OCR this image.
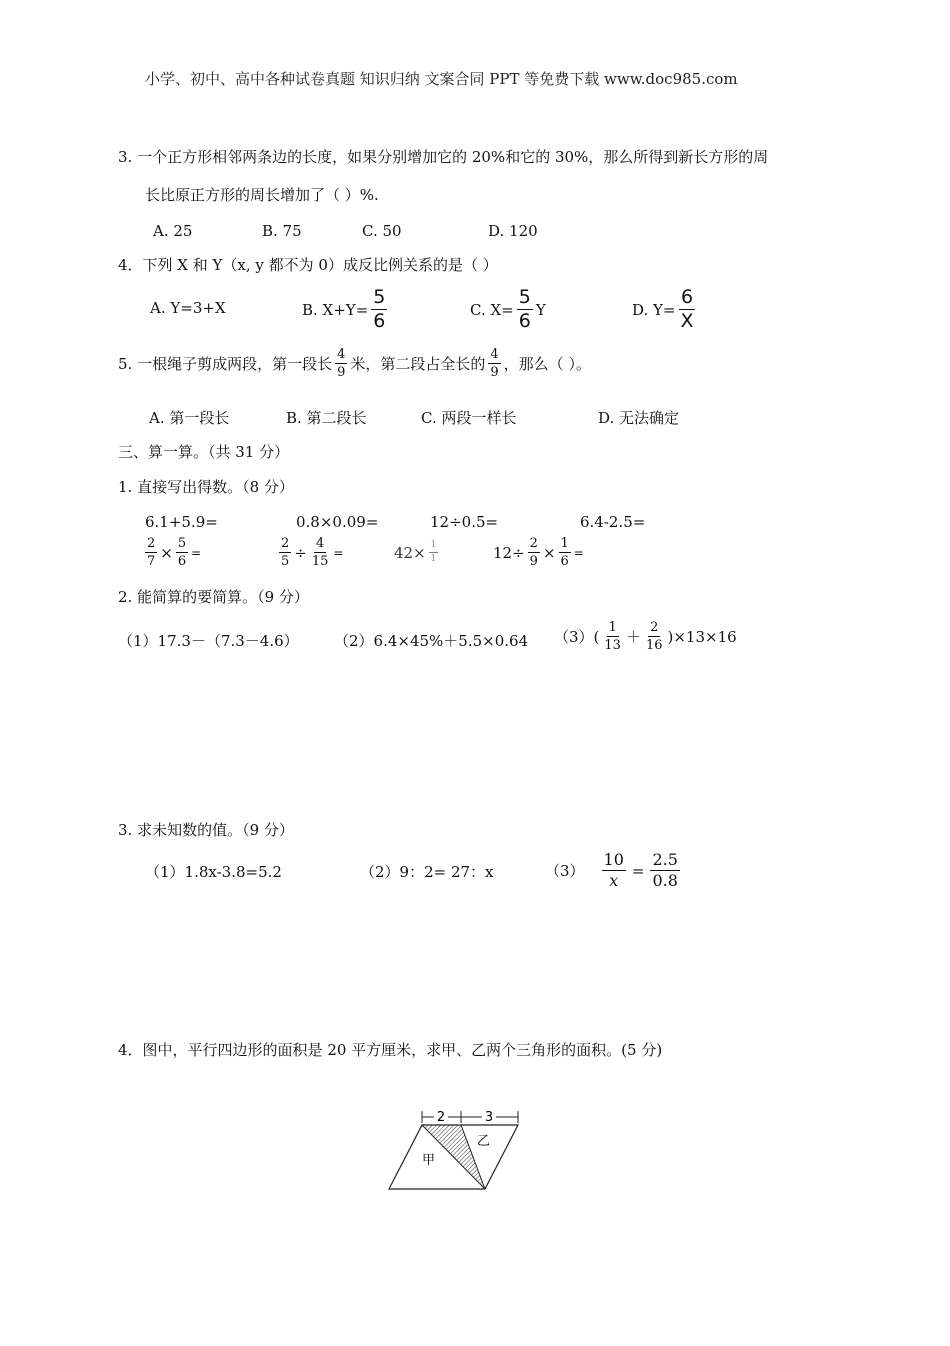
小学、初中、高中各种试卷真题 知识归纳 文案合同 PPT 等免费下载 www.doc985.com
3. 一个正方形相邻两条边的长度，如果分别增加它的 20%和它的 30%，那么所得到新长方形的周
长比原正方形的周长增加了（ ）%.
A. 25	B. 75	C. 50	D. 120
4．下列 X 和 Y（x, y 都不为 0）成反比例关系的是（ ）
A. Y=3+X	B. $X+Y= \frac{5}{6}$	C. $X= \frac{5}{6}$ Y	D. $Y= \frac{6}{X}$
5. 一根绳子剪成两段，第一段长 $\frac{4}{9}$ 米，第二段占全长的 $\frac{4}{9}$ ，那么（ ）。
A. 第一段长	B. 第二段长	C. 两段一样长	D. 无法确定
三、算一算。（共 31 分）
1. 直接写出得数。（8 分）
6.1+5.9=	0.8×0.09=	12÷0.5=	6.4-2.5=
$\frac{2}{7} \times \frac{5}{6}$ =	$\frac{2}{5} \div \frac{4}{15}$ =	$42\times \frac{1}{1}$	$12\div \frac{2}{9} \times \frac{1}{6}$ =
2. 能简算的要简算。（9 分）
（1）17.3－（7.3－4.6） （2）6.4×45%＋5.5×0.64 $(3)( \frac{1}{13} + \frac{2}{16} )\times 13\times 16$
3. 求未知数的值。（9 分）
（1）1.8x-3.8=5.2	（2）9：2= 27：x	$(3) \frac{10}{x} = \frac{2.5}{0.8}$
4．图中，平行四边形的面积是 20 平方厘米，求甲、乙两个三角形的面积。(5 分)
2	3
甲
乙
